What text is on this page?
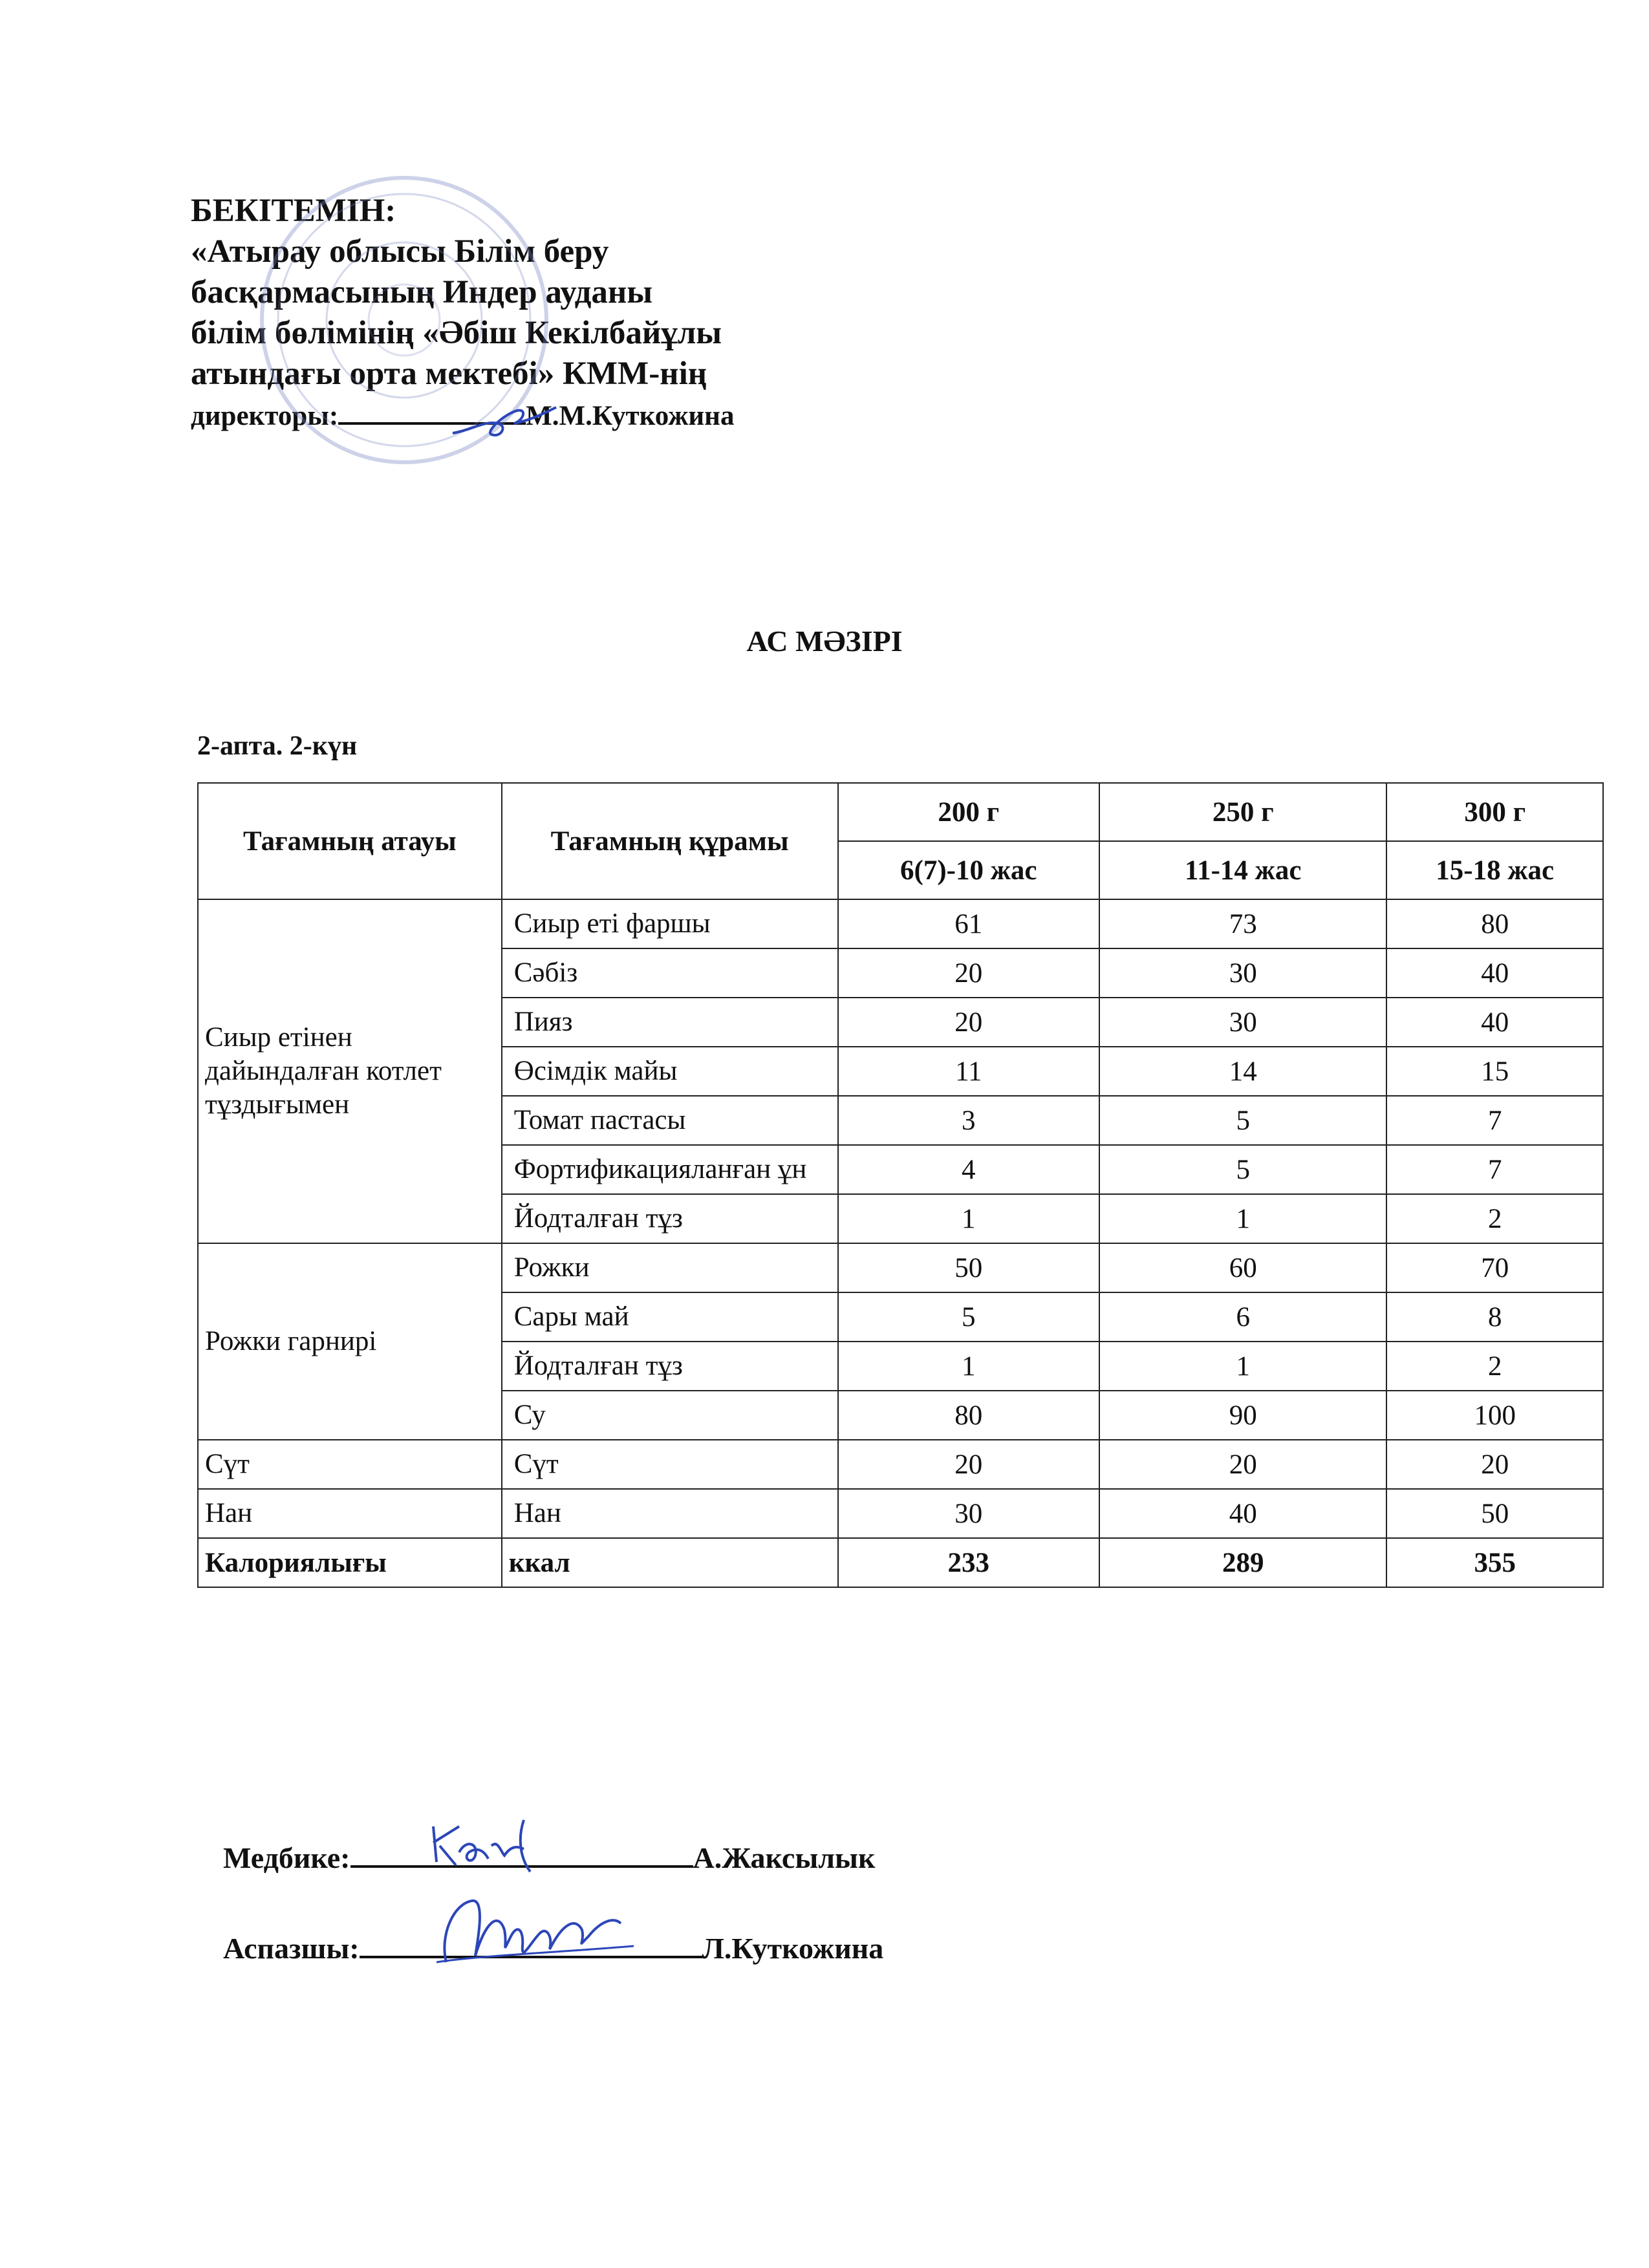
БЕКІТЕМІН:
«Атырау облысы Білім беру
басқармасының Индер ауданы
білім бөлімінің «Әбіш Кекілбайұлы
атындағы орта мектебі» КММ-нің
директоры:	М.М.Куткожина
АС МӘЗІРІ
2-апта. 2-күн
Тағамның атауы	Тағамның құрамы	200 г	250 г	300 г
		6(7)-10 жас	11-14 жас	15-18 жас
Сиыр етінен дайындалған котлет тұздығымен	Сиыр еті фаршы	61	73	80
	Сәбіз	20	30	40
	Пияз	20	30	40
	Өсімдік майы	11	14	15
	Томат пастасы	3	5	7
	Фортификацияланған ұн	4	5	7
	Йодталған тұз	1	1	2
Рожки гарнирі	Рожки	50	60	70
	Сары май	5	6	8
	Йодталған тұз	1	1	2
	Су	80	90	100
Сүт	Сүт	20	20	20
Нан	Нан	30	40	50
Калориялығы	ккал	233	289	355
Медбике:	А.Жаксылык
Аспазшы:	Л.Куткожина
